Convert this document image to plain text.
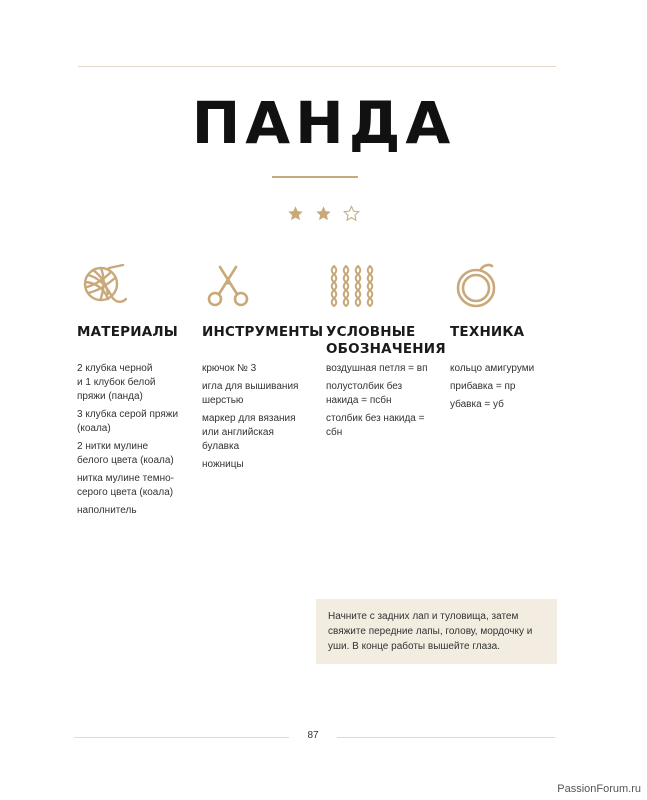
ПАНДА

МАТЕРИАЛЫ
2 клубка черной
и 1 клубок белой
пряжи (панда)
3 клубка серой пряжи
(коала)
2 нитки мулине
белого цвета (коала)
нитка мулине темно-
серого цвета (коала)
наполнитель
ИНСТРУМЕНТЫ
крючок № 3
игла для вышивания
шерстью
маркер для вязания
или английская
булавка
ножницы
УСЛОВНЫЕ
ОБОЗНАЧЕНИЯ
воздушная петля = вп
полустолбик без
накида = псбн
столбик без накида =
сбн
ТЕХНИКА
кольцо амигуруми
прибавка = пр
убавка = уб
Начните с задних лап и туловища, затем свяжите передние лапы, голову, мордочку и уши. В конце работы вышейте глаза.
87
PassionForum.ru
